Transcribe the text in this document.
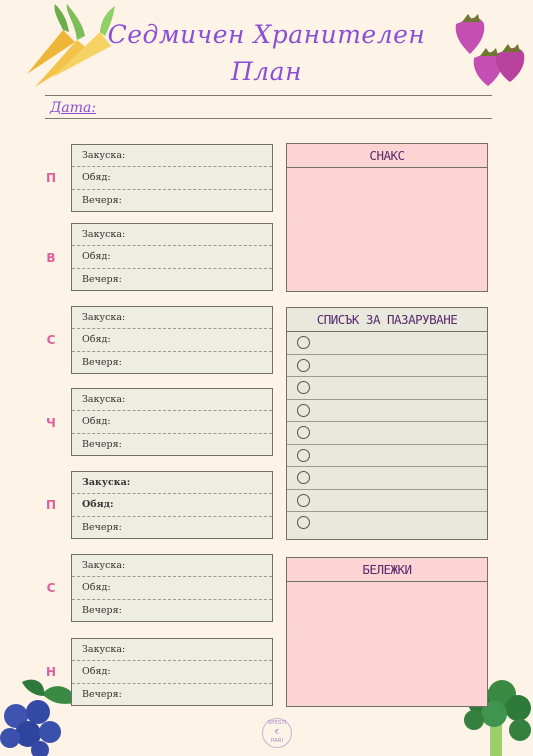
Седмичен Хранителен
План
Дата:
П
Закуска:
Обяд:
Вечеря:
В
Закуска:
Обяд:
Вечеря:
С
Закуска:
Обяд:
Вечеря:
Ч
Закуска:
Обяд:
Вечеря:
П
Закуска:
Обяд:
Вечеря:
С
Закуска:
Обяд:
Вечеря:
Н
Закуска:
Обяд:
Вечеря:
СНАКС
СПИСЪК ЗА ПАЗАРУВАНЕ
БЕЛЕЖКИ
SPESTI
€
PARI
